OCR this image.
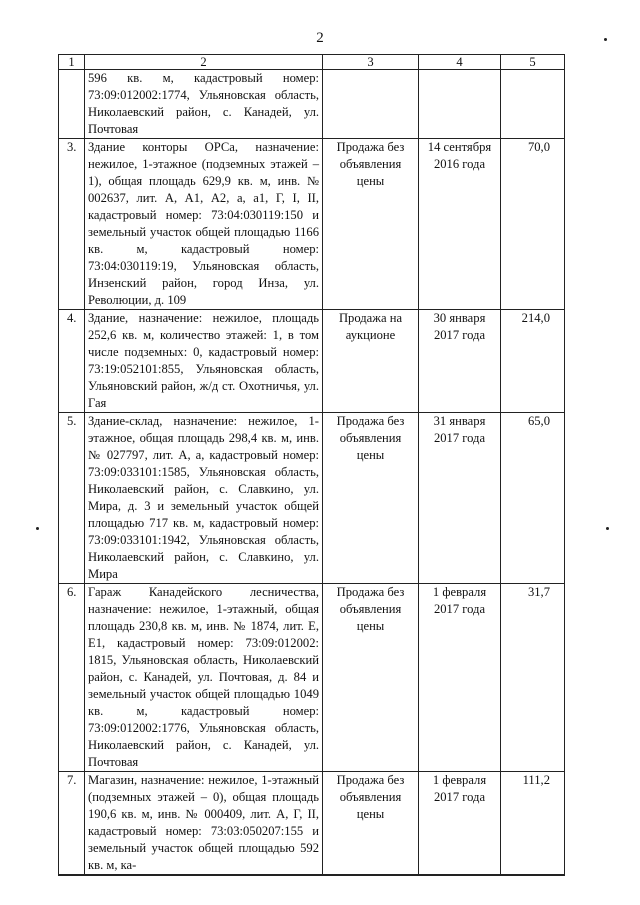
2
1	2	3	4	5
	596 кв. м, кадастровый номер: 73:09:012002:1774, Ульяновская область, Николаевский район, с. Канадей, ул. Почтовая			
3.	Здание конторы ОРСа, назначение: нежилое, 1-этажное (подземных этажей – 1), общая площадь 629,9 кв. м, инв. № 002637, лит. А, А1, А2, а, а1, Г, I, II, кадастровый номер: 73:04:030119:150 и земельный участок общей площадью 1166 кв. м, кадастровый номер: 73:04:030119:19, Ульяновская область, Инзенский район, город Инза, ул. Революции, д. 109	Продажа без объявления цены	14 сентября 2016 года	70,0
4.	Здание, назначение: нежилое, площадь 252,6 кв. м, количество этажей: 1, в том числе подземных: 0, кадастровый номер: 73:19:052101:855, Ульяновская область, Ульяновский район, ж/д ст. Охотничья, ул. Гая	Продажа на аукционе	30 января 2017 года	214,0
5.	Здание-склад, назначение: нежилое, 1-этажное, общая площадь 298,4 кв. м, инв. № 027797, лит. А, а, кадастровый номер: 73:09:033101:1585, Ульяновская область, Николаевский район, с. Славкино, ул. Мира, д. 3 и земельный участок общей площадью 717 кв. м, кадастровый номер: 73:09:033101:1942, Ульяновская область, Николаевский район, с. Славкино, ул. Мира	Продажа без объявления цены	31 января 2017 года	65,0
6.	Гараж Канадейского лесничества, назначение: нежилое, 1-этажный, общая площадь 230,8 кв. м, инв. № 1874, лит. Е, Е1, кадастровый номер: 73:09:012002: 1815, Ульяновская область, Николаевский район, с. Канадей, ул. Почтовая, д. 84 и земельный участок общей площадью 1049 кв. м, кадастровый номер: 73:09:012002:1776, Ульяновская область, Николаевский район, с. Канадей, ул. Почтовая	Продажа без объявления цены	1 февраля 2017 года	31,7
7.	Магазин, назначение: нежилое, 1-этажный (подземных этажей – 0), общая площадь 190,6 кв. м, инв. № 000409, лит. А, Г, II, кадастровый номер: 73:03:050207:155 и земельный участок общей площадью 592 кв. м, ка-	Продажа без объявления цены	1 февраля 2017 года	111,2
